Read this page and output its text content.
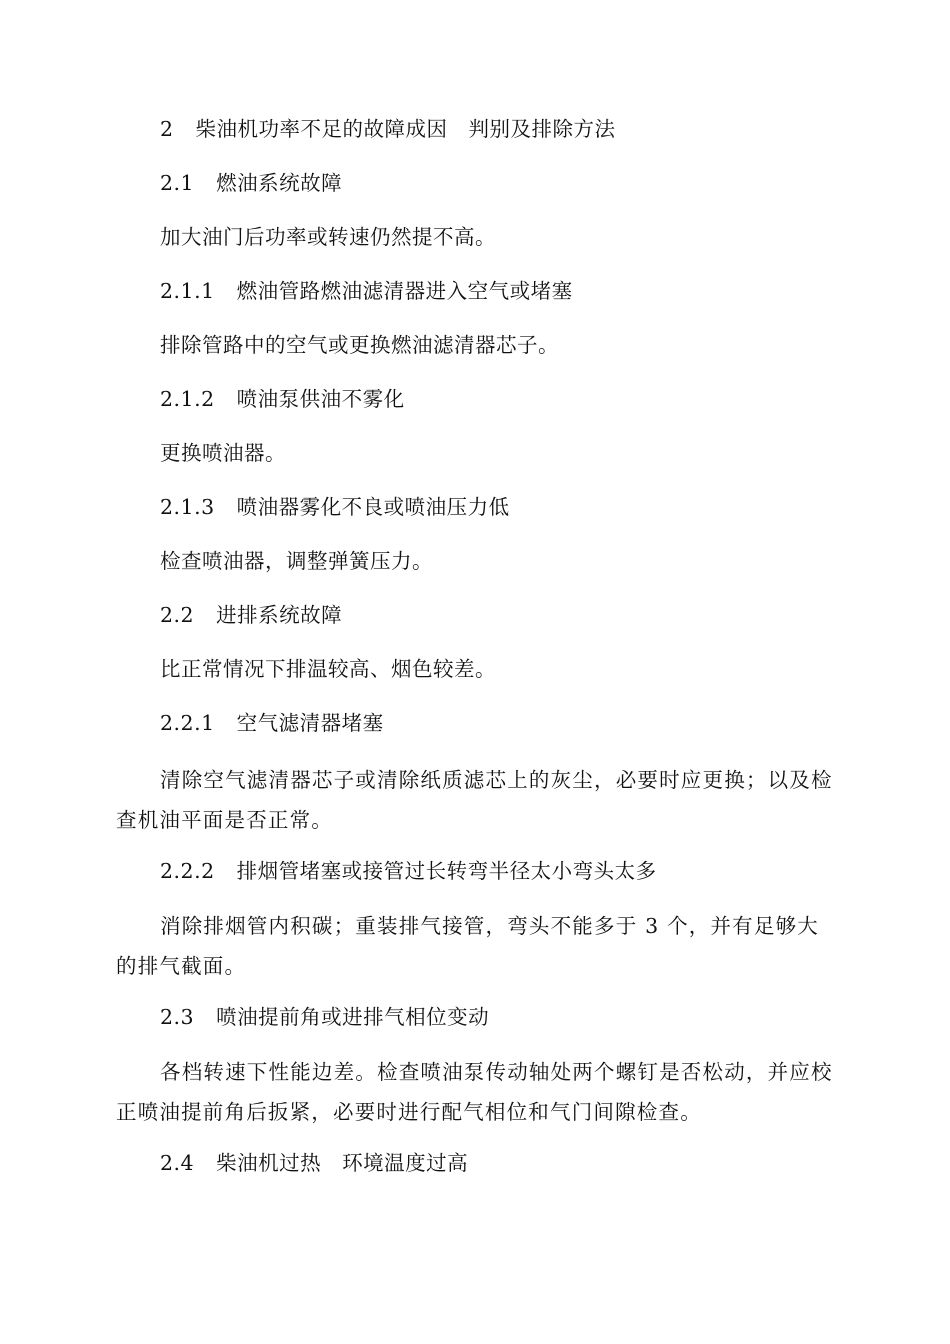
2 柴油机功率不足的故障成因　判别及排除方法
2.1 燃油系统故障
加大油门后功率或转速仍然提不高。
2.1.1 燃油管路燃油滤清器进入空气或堵塞
排除管路中的空气或更换燃油滤清器芯子。
2.1.2 喷油泵供油不雾化
更换喷油器。
2.1.3 喷油器雾化不良或喷油压力低
检查喷油器，调整弹簧压力。
2.2 进排系统故障
比正常情况下排温较高、烟色较差。
2.2.1 空气滤清器堵塞
清除空气滤清器芯子或清除纸质滤芯上的灰尘，必要时应更换；以及检查机油平面是否正常。
2.2.2 排烟管堵塞或接管过长转弯半径太小弯头太多
消除排烟管内积碳；重装排气接管，弯头不能多于 3 个，并有足够大的排气截面。
2.3 喷油提前角或进排气相位变动
各档转速下性能边差。检查喷油泵传动轴处两个螺钉是否松动，并应校正喷油提前角后扳紧，必要时进行配气相位和气门间隙检查。
2.4 柴油机过热　环境温度过高
